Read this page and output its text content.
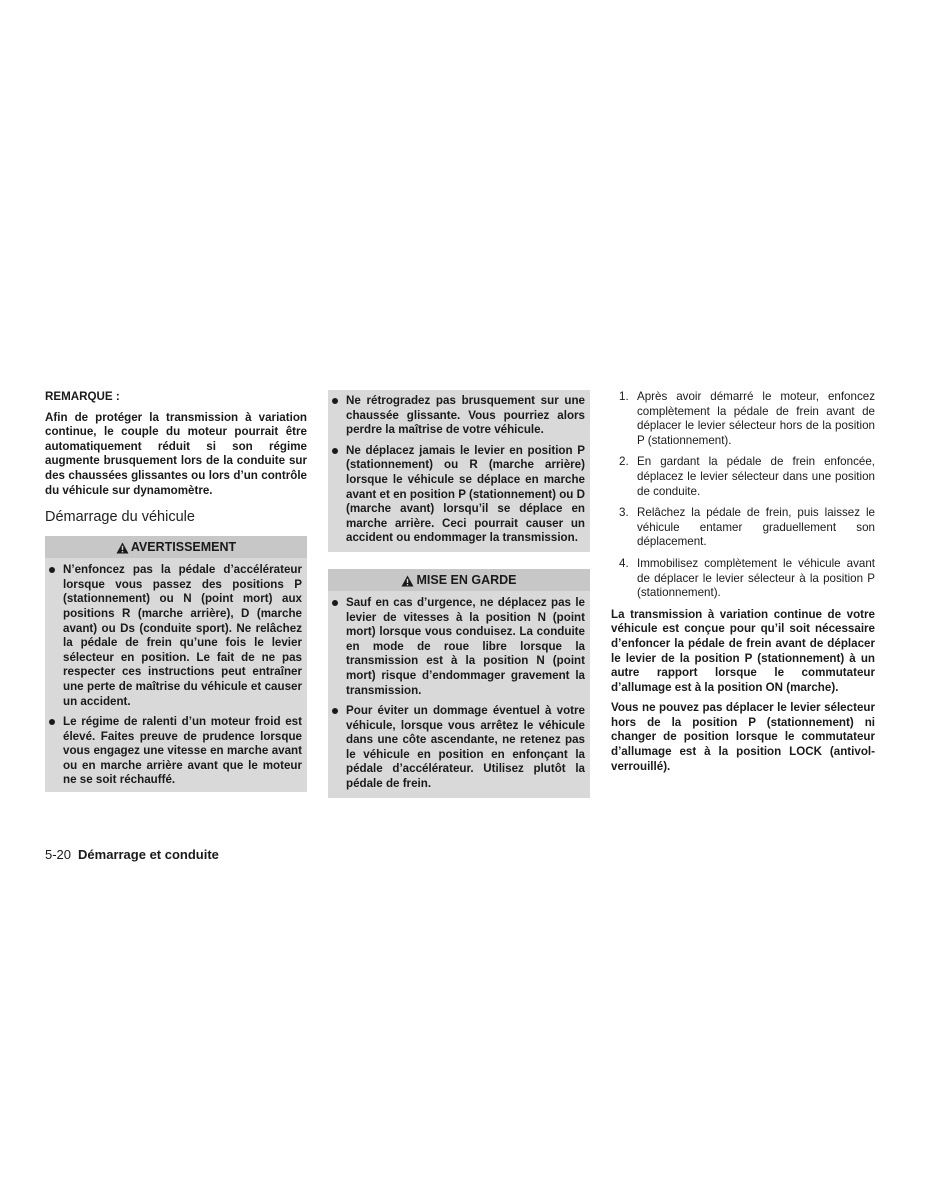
REMARQUE :

Afin de protéger la transmission à variation continue, le couple du moteur pourrait être automatiquement réduit si son régime augmente brusquement lors de la conduite sur des chaussées glissantes ou lors d’un contrôle du véhicule sur dynamomètre.

Démarrage du véhicule
AVERTISSEMENT
N’enfoncez pas la pédale d’accélérateur lorsque vous passez des positions P (stationnement) ou N (point mort) aux positions R (marche arrière), D (marche avant) ou Ds (conduite sport). Ne relâchez la pédale de frein qu’une fois le levier sélecteur en position. Le fait de ne pas respecter ces instructions peut entraîner une perte de maîtrise du véhicule et causer un accident.
Le régime de ralenti d’un moteur froid est élevé. Faites preuve de prudence lorsque vous engagez une vitesse en marche avant ou en marche arrière avant que le moteur ne se soit réchauffé.
Ne rétrogradez pas brusquement sur une chaussée glissante. Vous pourriez alors perdre la maîtrise de votre véhicule.
Ne déplacez jamais le levier en position P (stationnement) ou R (marche arrière) lorsque le véhicule se déplace en marche avant et en position P (stationnement) ou D (marche avant) lorsqu’il se déplace en marche arrière. Ceci pourrait causer un accident ou endommager la transmission.
MISE EN GARDE
Sauf en cas d’urgence, ne déplacez pas le levier de vitesses à la position N (point mort) lorsque vous conduisez. La conduite en mode de roue libre lorsque la transmission est à la position N (point mort) risque d’endommager gravement la transmission.
Pour éviter un dommage éventuel à votre véhicule, lorsque vous arrêtez le véhicule dans une côte ascendante, ne retenez pas le véhicule en position en enfonçant la pédale d’accélérateur. Utilisez plutôt la pédale de frein.
1. Après avoir démarré le moteur, enfoncez complètement la pédale de frein avant de déplacer le levier sélecteur hors de la position P (stationnement).
2. En gardant la pédale de frein enfoncée, déplacez le levier sélecteur dans une position de conduite.
3. Relâchez la pédale de frein, puis laissez le véhicule entamer graduellement son déplacement.
4. Immobilisez complètement le véhicule avant de déplacer le levier sélecteur à la position P (stationnement).

La transmission à variation continue de votre véhicule est conçue pour qu’il soit nécessaire d’enfoncer la pédale de frein avant de déplacer le levier de la position P (stationnement) à un autre rapport lorsque le commutateur d’allumage est à la position ON (marche).

Vous ne pouvez pas déplacer le levier sélecteur hors de la position P (stationnement) ni changer de position lorsque le commutateur d’allumage est à la position LOCK (antivol-verrouillé).

5-20 Démarrage et conduite
